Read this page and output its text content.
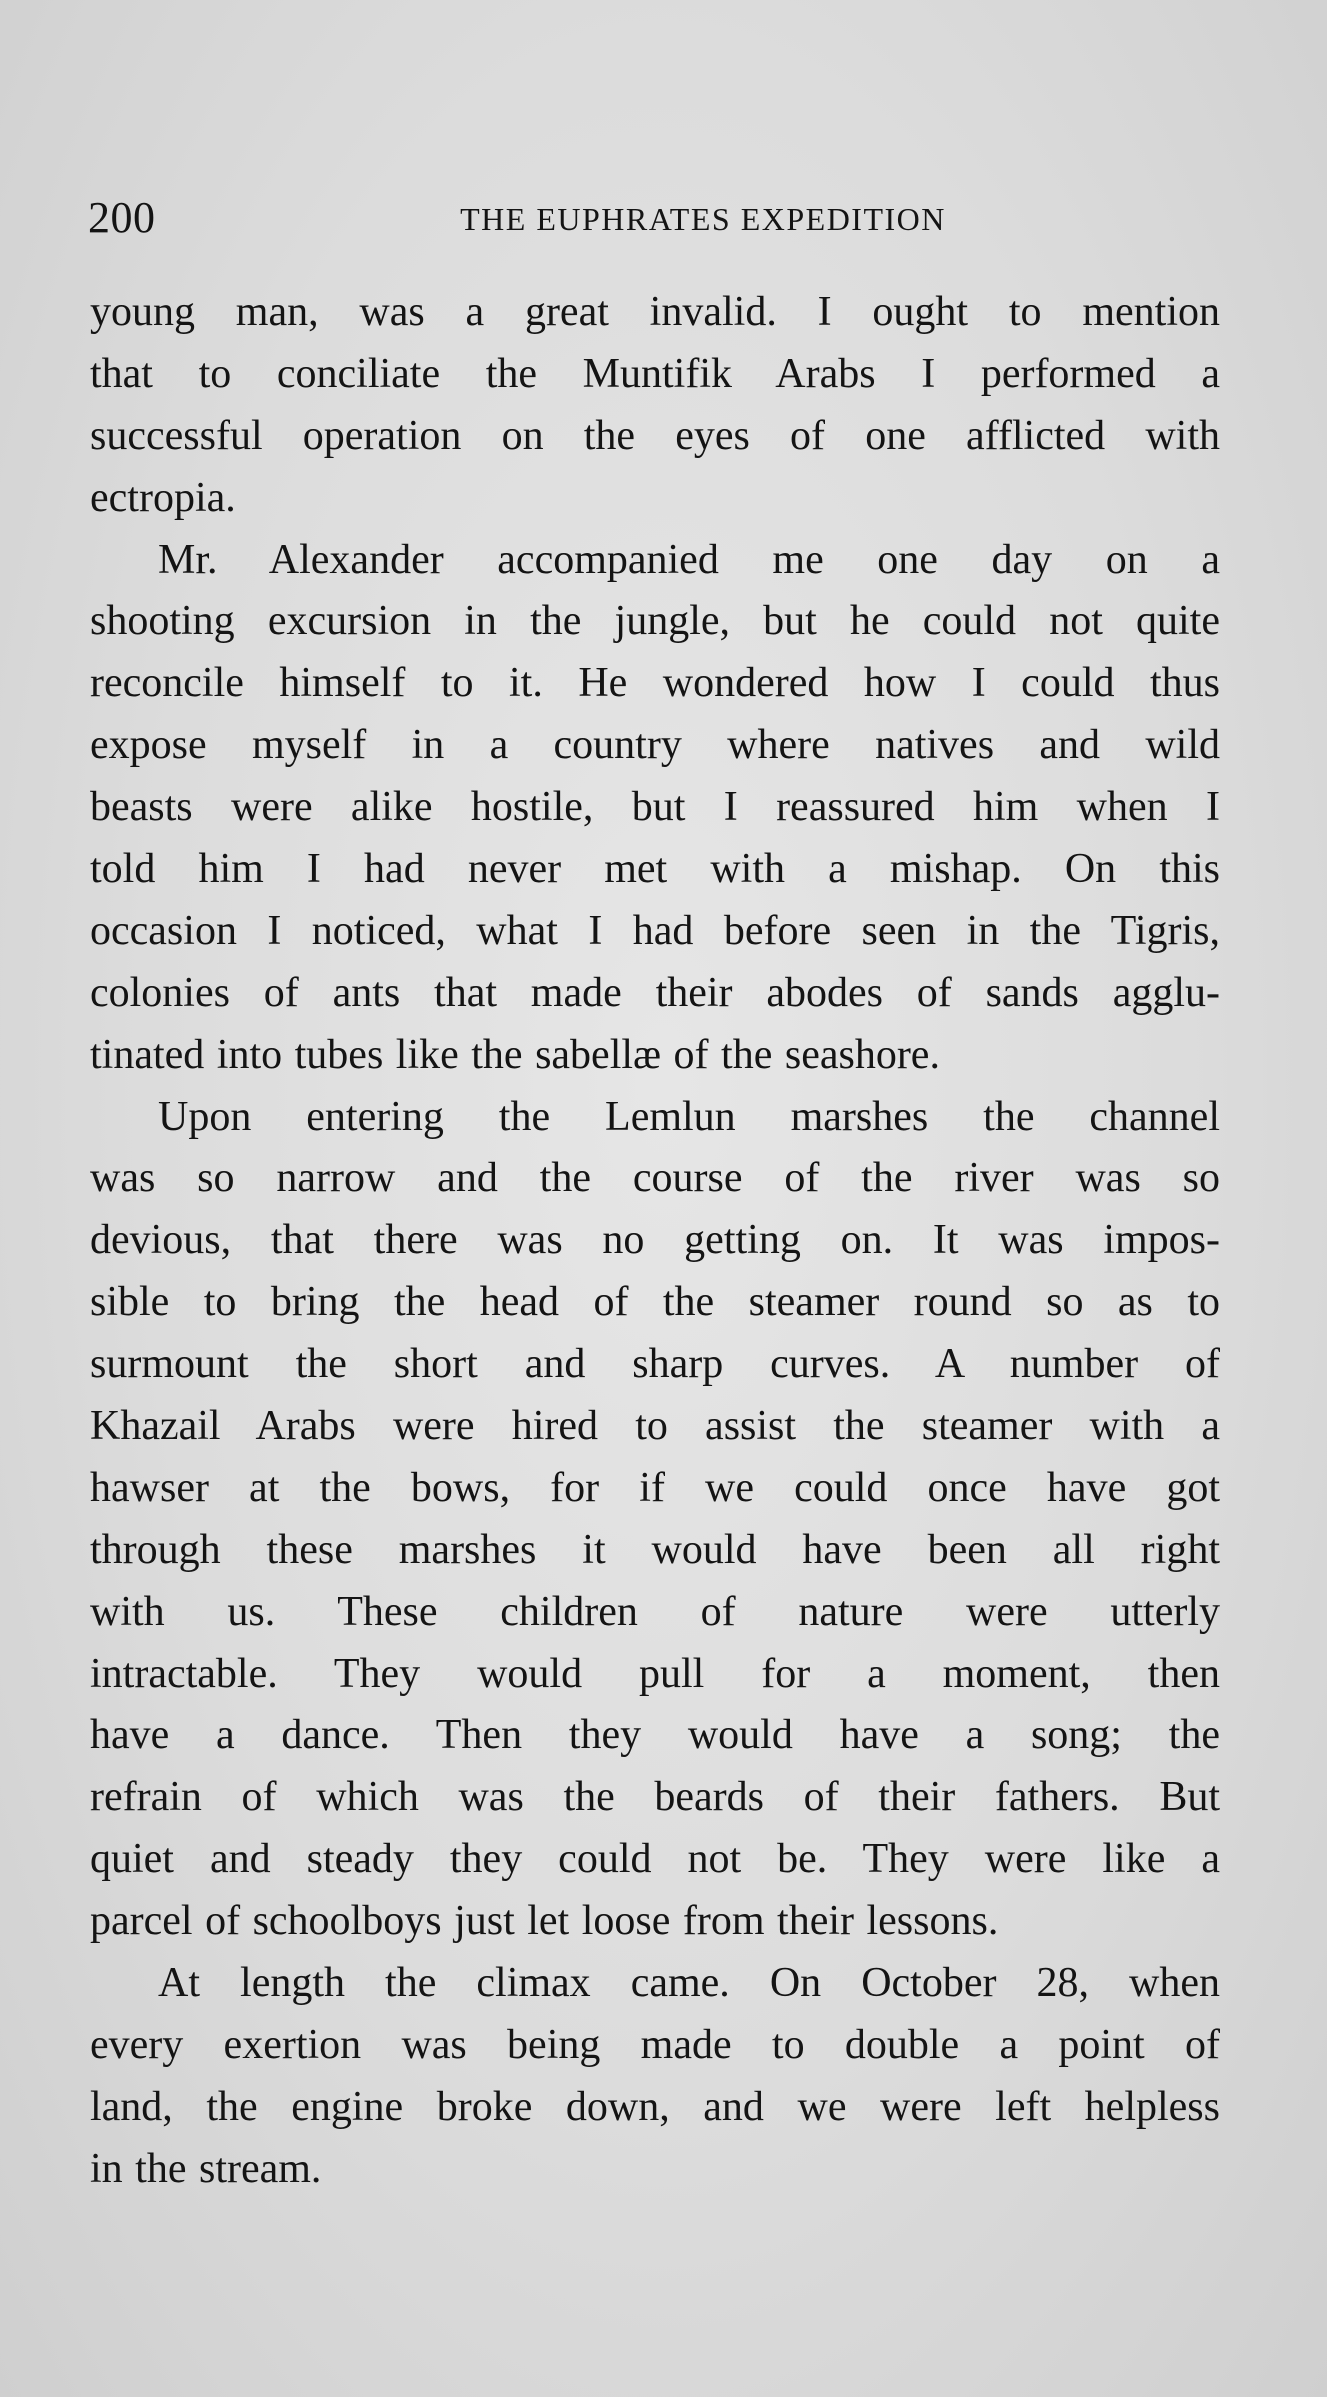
200	THE EUPHRATES EXPEDITION
young man, was a great invalid. I ought to mention
that to conciliate the Muntifik Arabs I performed a
successful operation on the eyes of one afflicted with
ectropia.
Mr. Alexander accompanied me one day on a
shooting excursion in the jungle, but he could not quite
reconcile himself to it. He wondered how I could thus
expose myself in a country where natives and wild
beasts were alike hostile, but I reassured him when I
told him I had never met with a mishap. On this
occasion I noticed, what I had before seen in the Tigris,
colonies of ants that made their abodes of sands agglu-
tinated into tubes like the sabellæ of the seashore.
Upon entering the Lemlun marshes the channel
was so narrow and the course of the river was so
devious, that there was no getting on. It was impos-
sible to bring the head of the steamer round so as to
surmount the short and sharp curves. A number of
Khazail Arabs were hired to assist the steamer with a
hawser at the bows, for if we could once have got
through these marshes it would have been all right
with us. These children of nature were utterly
intractable. They would pull for a moment, then
have a dance. Then they would have a song; the
refrain of which was the beards of their fathers. But
quiet and steady they could not be. They were like a
parcel of schoolboys just let loose from their lessons.
At length the climax came. On October 28, when
every exertion was being made to double a point of
land, the engine broke down, and we were left helpless
in the stream.
